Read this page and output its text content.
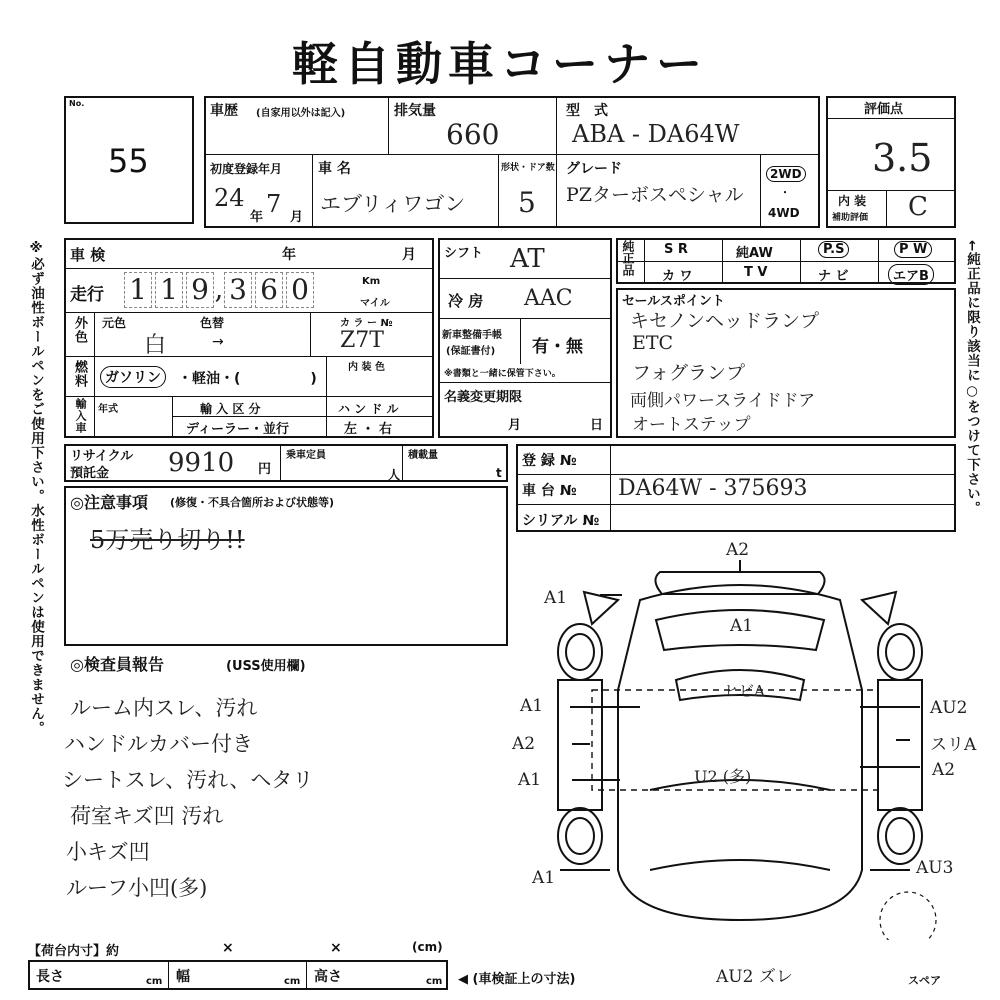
軽自動車コーナー
No.
55
車歴 (自家用以外は記入)	排気量
660
型　式
ABA - DA64W
初度登録年月
24
年 7 月
車 名
エブリィワゴン
形状・ドア数
5
グレード
PZターボスペシャル
2WD
・
4WD
評価点
3.5
内 装
補助評価 C
※必ず油性ボールペンをご使用下さい。水性ボールペンは使用できません。	←純正品に限り該当に○をつけて下さい。
車 検	年	月
走行 1 1 9 , 3 6 0	Km
マイル
外色 元色
白
色替
→
カ ラ ー №
Z7T
燃料	内 装 色
ガソリン	・軽油・(　　　　　)
輸入車 年式	輸 入 区 分
ディーラー・並行
ハ ン ド ル
左 ・ 右
シフト AT
冷 房 AAC
新車整備手帳
(保証書付) 有・無
※書類と一緒に保管下さい。
名義変更期限
月	日
純正品 S R	純AW	P.S	P W
カ ワ	T V	ナ ビ	エアB
セールスポイント
キセノンヘッドランプ
ETC
フォグランプ
両側パワースライドドア
オートステップ
リサイクル
預託金 9910 円
乗車定員
人
積載量
t
登 録 №
車 台 № DA64W - 375693
シリアル №
◎注意事項 (修復・不具合箇所および状態等)
5万売り切り!!
◎検査員報告	(USS使用欄)
ルーム内スレ、汚れ
ハンドルカバー付き
シートスレ、汚れ、ヘタリ
荷室キズ凹 汚れ
小キズ凹
ルーフ小凹(多)
A2
A1
A1
A1
A2
A1
A1
AU2
スリA
A2
AU3
ヒビA
U2 (多)
AU2 ズレ	スペア
【荷台内寸】約	×	×	(cm)
長さ	cm 幅	cm 高さ	cm ◀ (車検証上の寸法)
